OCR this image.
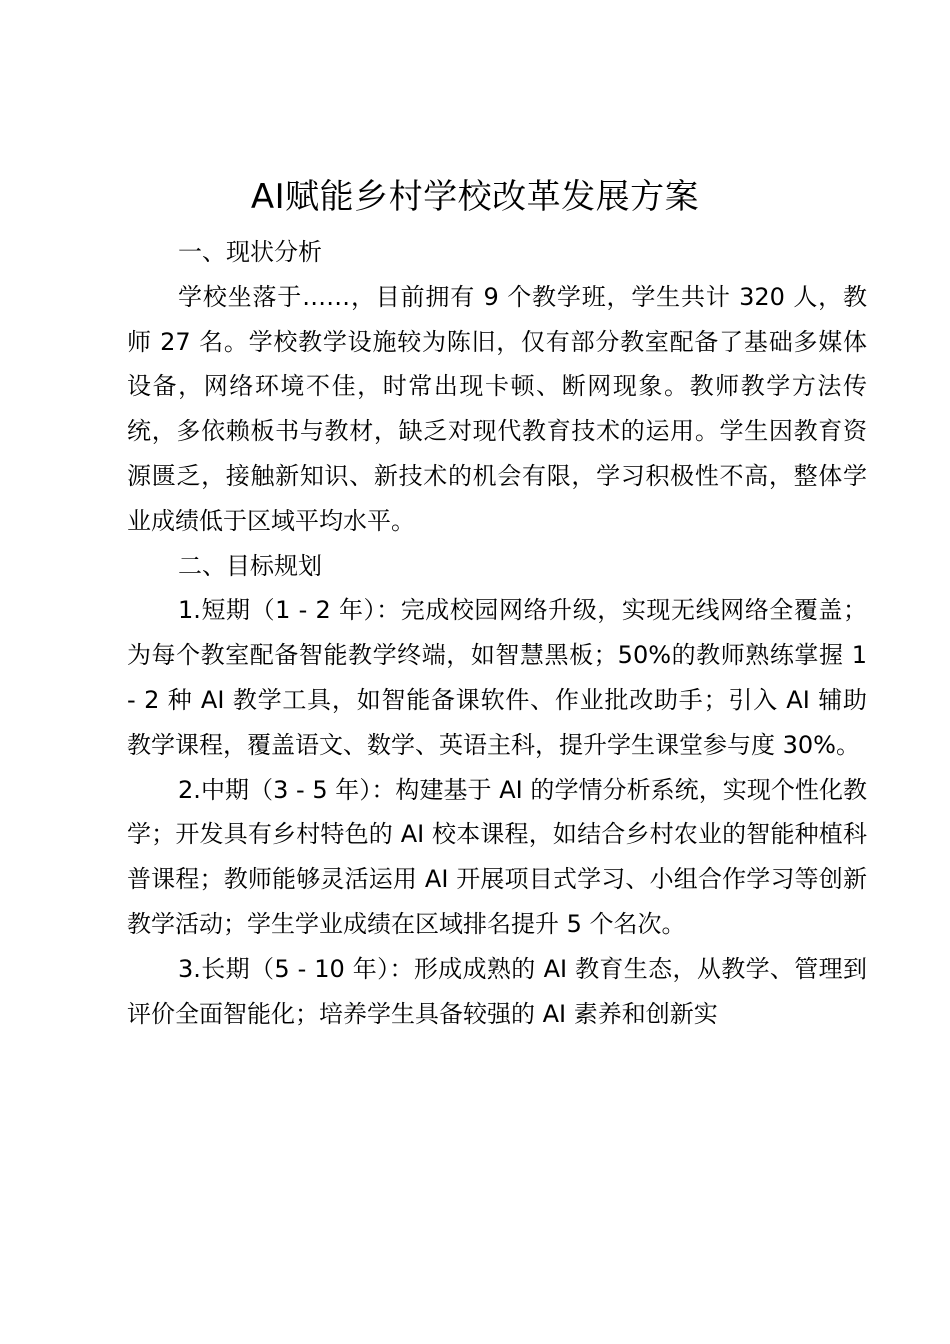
AI赋能乡村学校改革发展方案

一、现状分析

学校坐落于……，目前拥有 9 个教学班，学生共计 320 人，教师 27 名。学校教学设施较为陈旧，仅有部分教室配备了基础多媒体设备，网络环境不佳，时常出现卡顿、断网现象。教师教学方法传统，多依赖板书与教材，缺乏对现代教育技术的运用。学生因教育资源匮乏，接触新知识、新技术的机会有限，学习积极性不高，整体学业成绩低于区域平均水平。

二、目标规划

1.短期（1 - 2 年）：完成校园网络升级，实现无线网络全覆盖；为每个教室配备智能教学终端，如智慧黑板；50%的教师熟练掌握 1 - 2 种 AI 教学工具，如智能备课软件、作业批改助手；引入 AI 辅助教学课程，覆盖语文、数学、英语主科，提升学生课堂参与度 30%。

2.中期（3 - 5 年）：构建基于 AI 的学情分析系统，实现个性化教学；开发具有乡村特色的 AI 校本课程，如结合乡村农业的智能种植科普课程；教师能够灵活运用 AI 开展项目式学习、小组合作学习等创新教学活动；学生学业成绩在区域排名提升 5 个名次。

3.长期（5 - 10 年）：形成成熟的 AI 教育生态，从教学、管理到评价全面智能化；培养学生具备较强的 AI 素养和创新实
